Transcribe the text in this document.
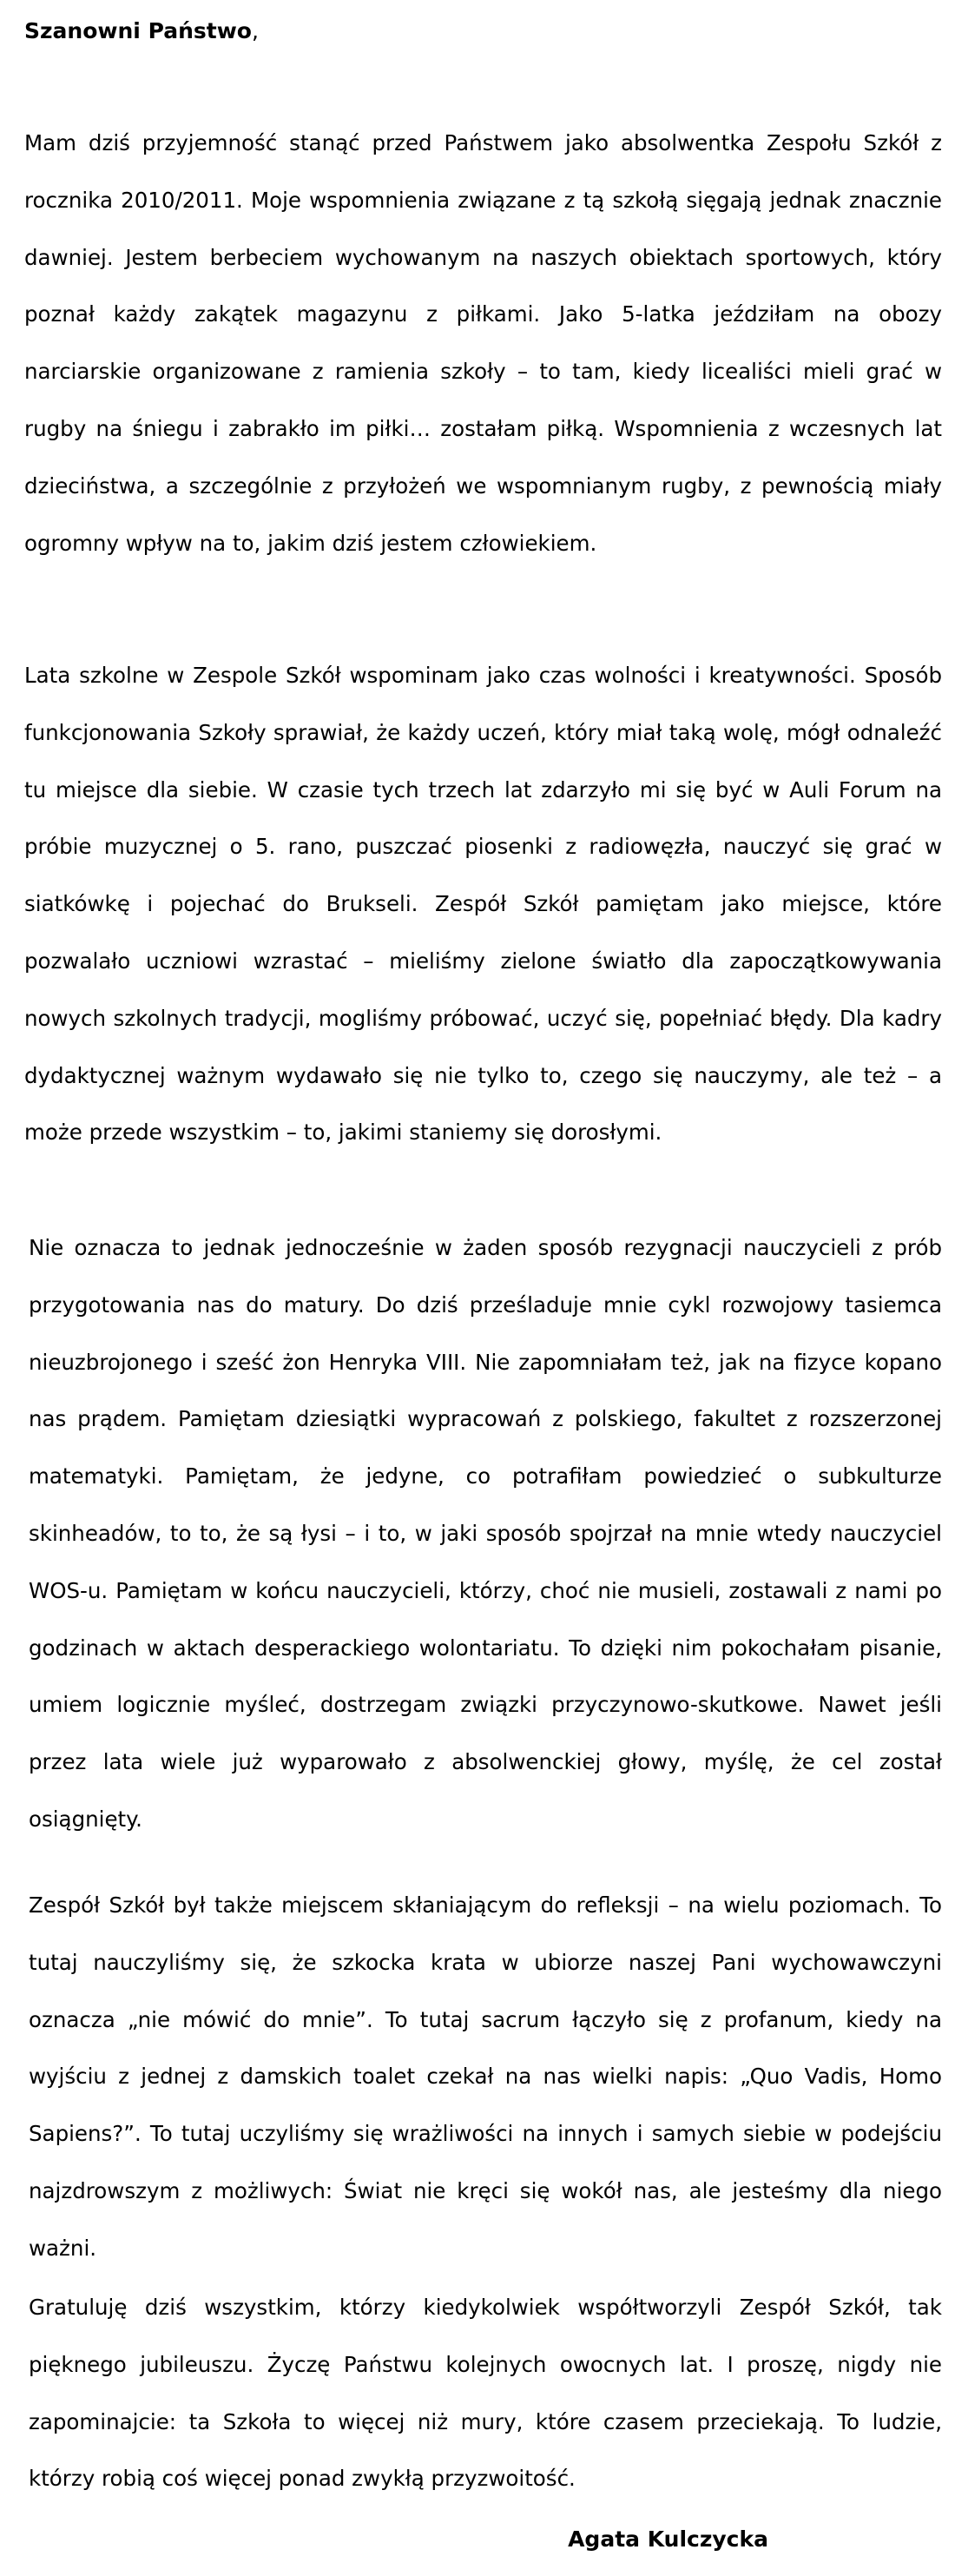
Szanowni Państwo,

Mam dziś przyjemność stanąć przed Państwem jako absolwentka Zespołu Szkół z rocznika 2010/2011. Moje wspomnienia związane z tą szkołą sięgają jednak znacznie dawniej. Jestem berbeciem wychowanym na naszych obiektach sportowych, który poznał każdy zakątek magazynu z piłkami. Jako 5-latka jeździłam na obozy narciarskie organizowane z ramienia szkoły – to tam, kiedy licealiści mieli grać w rugby na śniegu i zabrakło im piłki… zostałam piłką. Wspomnienia z wczesnych lat dzieciństwa, a szczególnie z przyłożeń we wspomnianym rugby, z pewnością miały ogromny wpływ na to, jakim dziś jestem człowiekiem.

Lata szkolne w Zespole Szkół wspominam jako czas wolności i kreatywności. Sposób funkcjonowania Szkoły sprawiał, że każdy uczeń, który miał taką wolę, mógł odnaleźć tu miejsce dla siebie. W czasie tych trzech lat zdarzyło mi się być w Auli Forum na próbie muzycznej o 5. rano, puszczać piosenki z radiowęzła, nauczyć się grać w siatkówkę i pojechać do Brukseli. Zespół Szkół pamiętam jako miejsce, które pozwalało uczniowi wzrastać – mieliśmy zielone światło dla zapoczątkowywania nowych szkolnych tradycji, mogliśmy próbować, uczyć się, popełniać błędy. Dla kadry dydaktycznej ważnym wydawało się nie tylko to, czego się nauczymy, ale też – a może przede wszystkim – to, jakimi staniemy się dorosłymi.

Nie oznacza to jednak jednocześnie w żaden sposób rezygnacji nauczycieli z prób przygotowania nas do matury. Do dziś prześladuje mnie cykl rozwojowy tasiemca nieuzbrojonego i sześć żon Henryka VIII. Nie zapomniałam też, jak na fizyce kopano nas prądem. Pamiętam dziesiątki wypracowań z polskiego, fakultet z rozszerzonej matematyki. Pamiętam, że jedyne, co potrafiłam powiedzieć o subkulturze skinheadów, to to, że są łysi – i to, w jaki sposób spojrzał na mnie wtedy nauczyciel WOS-u. Pamiętam w końcu nauczycieli, którzy, choć nie musieli, zostawali z nami po godzinach w aktach desperackiego wolontariatu. To dzięki nim pokochałam pisanie, umiem logicznie myśleć, dostrzegam związki przyczynowo-skutkowe. Nawet jeśli przez lata wiele już wyparowało z absolwenckiej głowy, myślę, że cel został osiągnięty.

Zespół Szkół był także miejscem skłaniającym do refleksji – na wielu poziomach. To tutaj nauczyliśmy się, że szkocka krata w ubiorze naszej Pani wychowawczyni oznacza „nie mówić do mnie”. To tutaj sacrum łączyło się z profanum, kiedy na wyjściu z jednej z damskich toalet czekał na nas wielki napis: „Quo Vadis, Homo Sapiens?”. To tutaj uczyliśmy się wrażliwości na innych i samych siebie w podejściu najzdrowszym z możliwych: Świat nie kręci się wokół nas, ale jesteśmy dla niego ważni.

Gratuluję dziś wszystkim, którzy kiedykolwiek współtworzyli Zespół Szkół, tak pięknego jubileuszu. Życzę Państwu kolejnych owocnych lat. I proszę, nigdy nie zapominajcie: ta Szkoła to więcej niż mury, które czasem przeciekają. To ludzie, którzy robią coś więcej ponad zwykłą przyzwoitość.

Agata Kulczycka
